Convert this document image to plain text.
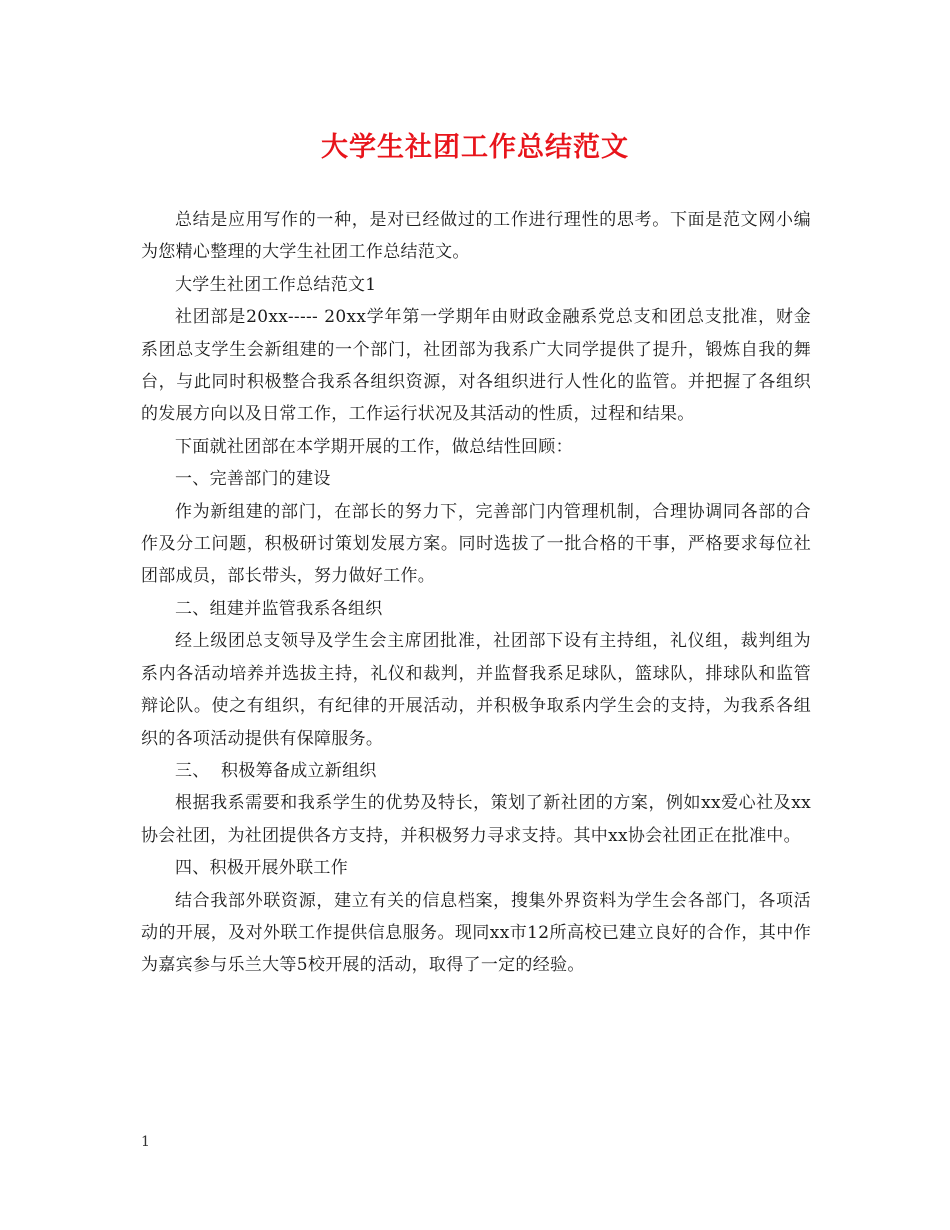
大学生社团工作总结范文

总结是应用写作的一种，是对已经做过的工作进行理性的思考。下面是范文网小编为您精心整理的大学生社团工作总结范文。

大学生社团工作总结范文1

社团部是20xx----- 20xx学年第一学期年由财政金融系党总支和团总支批准，财金系团总支学生会新组建的一个部门，社团部为我系广大同学提供了提升，锻炼自我的舞台，与此同时积极整合我系各组织资源，对各组织进行人性化的监管。并把握了各组织的发展方向以及日常工作，工作运行状况及其活动的性质，过程和结果。

下面就社团部在本学期开展的工作，做总结性回顾：

一、完善部门的建设

作为新组建的部门，在部长的努力下，完善部门内管理机制，合理协调同各部的合作及分工问题，积极研讨策划发展方案。同时选拔了一批合格的干事，严格要求每位社团部成员，部长带头，努力做好工作。

二、组建并监管我系各组织

经上级团总支领导及学生会主席团批准，社团部下设有主持组，礼仪组，裁判组为系内各活动培养并选拔主持，礼仪和裁判，并监督我系足球队，篮球队，排球队和监管辩论队。使之有组织，有纪律的开展活动，并积极争取系内学生会的支持，为我系各组织的各项活动提供有保障服务。

三、  积极筹备成立新组织

根据我系需要和我系学生的优势及特长，策划了新社团的方案，例如xx爱心社及xx协会社团，为社团提供各方支持，并积极努力寻求支持。其中xx协会社团正在批准中。

四、积极开展外联工作

结合我部外联资源，建立有关的信息档案，搜集外界资料为学生会各部门，各项活动的开展，及对外联工作提供信息服务。现同xx市12所高校已建立良好的合作，其中作为嘉宾参与乐兰大等5校开展的活动，取得了一定的经验。

1
